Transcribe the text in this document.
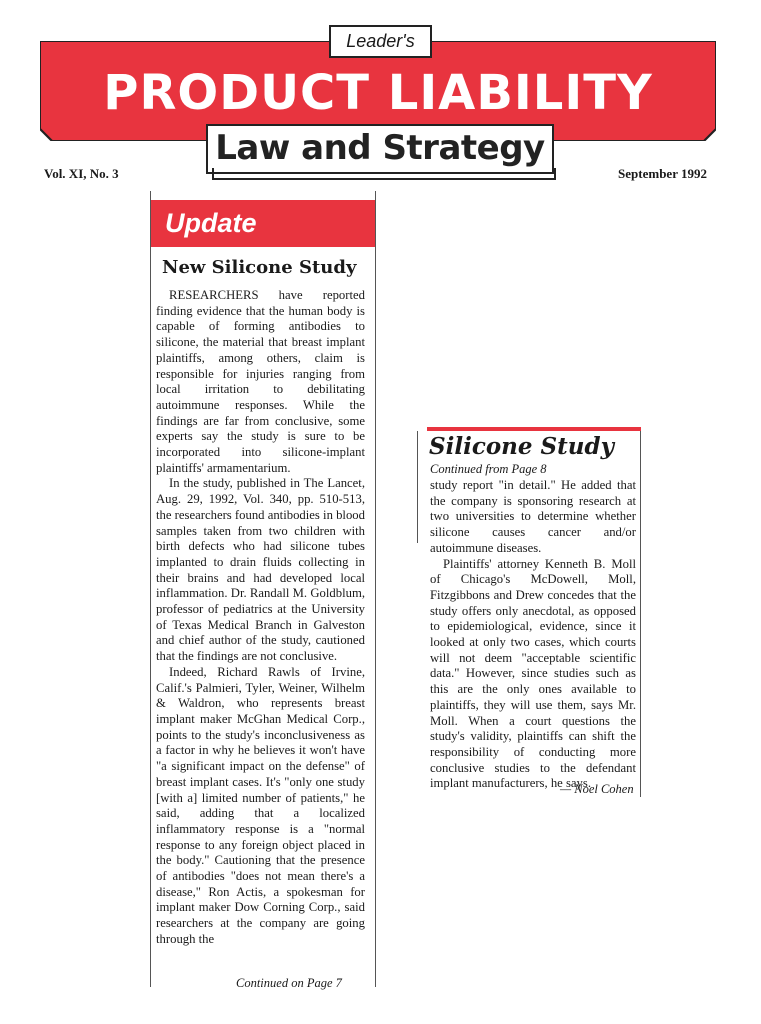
Leader's
PRODUCT LIABILITY
Law and Strategy
Vol. XI, No. 3	September 1992
Update
New Silicone Study

RESEARCHERS have reported finding evidence that the human body is capable of forming antibodies to silicone, the material that breast implant plaintiffs, among others, claim is responsible for injuries ranging from local irritation to debilitating autoimmune responses. While the findings are far from conclusive, some experts say the study is sure to be incorporated into silicone-implant plaintiffs' armamentarium.

In the study, published in The Lancet, Aug. 29, 1992, Vol. 340, pp. 510-513, the researchers found antibodies in blood samples taken from two children with birth defects who had silicone tubes implanted to drain fluids collecting in their brains and had developed local inflammation. Dr. Randall M. Goldblum, professor of pediatrics at the University of Texas Medical Branch in Galveston and chief author of the study, cautioned that the findings are not conclusive.

Indeed, Richard Rawls of Irvine, Calif.'s Palmieri, Tyler, Weiner, Wilhelm & Waldron, who represents breast implant maker McGhan Medical Corp., points to the study's inconclusiveness as a factor in why he believes it won't have "a significant impact on the defense" of breast implant cases. It's "only one study [with a] limited number of patients," he said, adding that a localized inflammatory response is a "normal response to any foreign object placed in the body." Cautioning that the presence of antibodies "does not mean there's a disease," Ron Actis, a spokesman for implant maker Dow Corning Corp., said researchers at the company are going through the

Continued on Page 7
Silicone Study
Continued from Page 8

study report "in detail." He added that the company is sponsoring research at two universities to determine whether silicone causes cancer and/or autoimmune diseases.

Plaintiffs' attorney Kenneth B. Moll of Chicago's McDowell, Moll, Fitzgibbons and Drew concedes that the study offers only anecdotal, as opposed to epidemiological, evidence, since it looked at only two cases, which courts will not deem "acceptable scientific data." However, since studies such as this are the only ones available to plaintiffs, they will use them, says Mr. Moll. When a court questions the study's validity, plaintiffs can shift the responsibility of conducting more conclusive studies to the defendant implant manufacturers, he says.

— Noel Cohen
